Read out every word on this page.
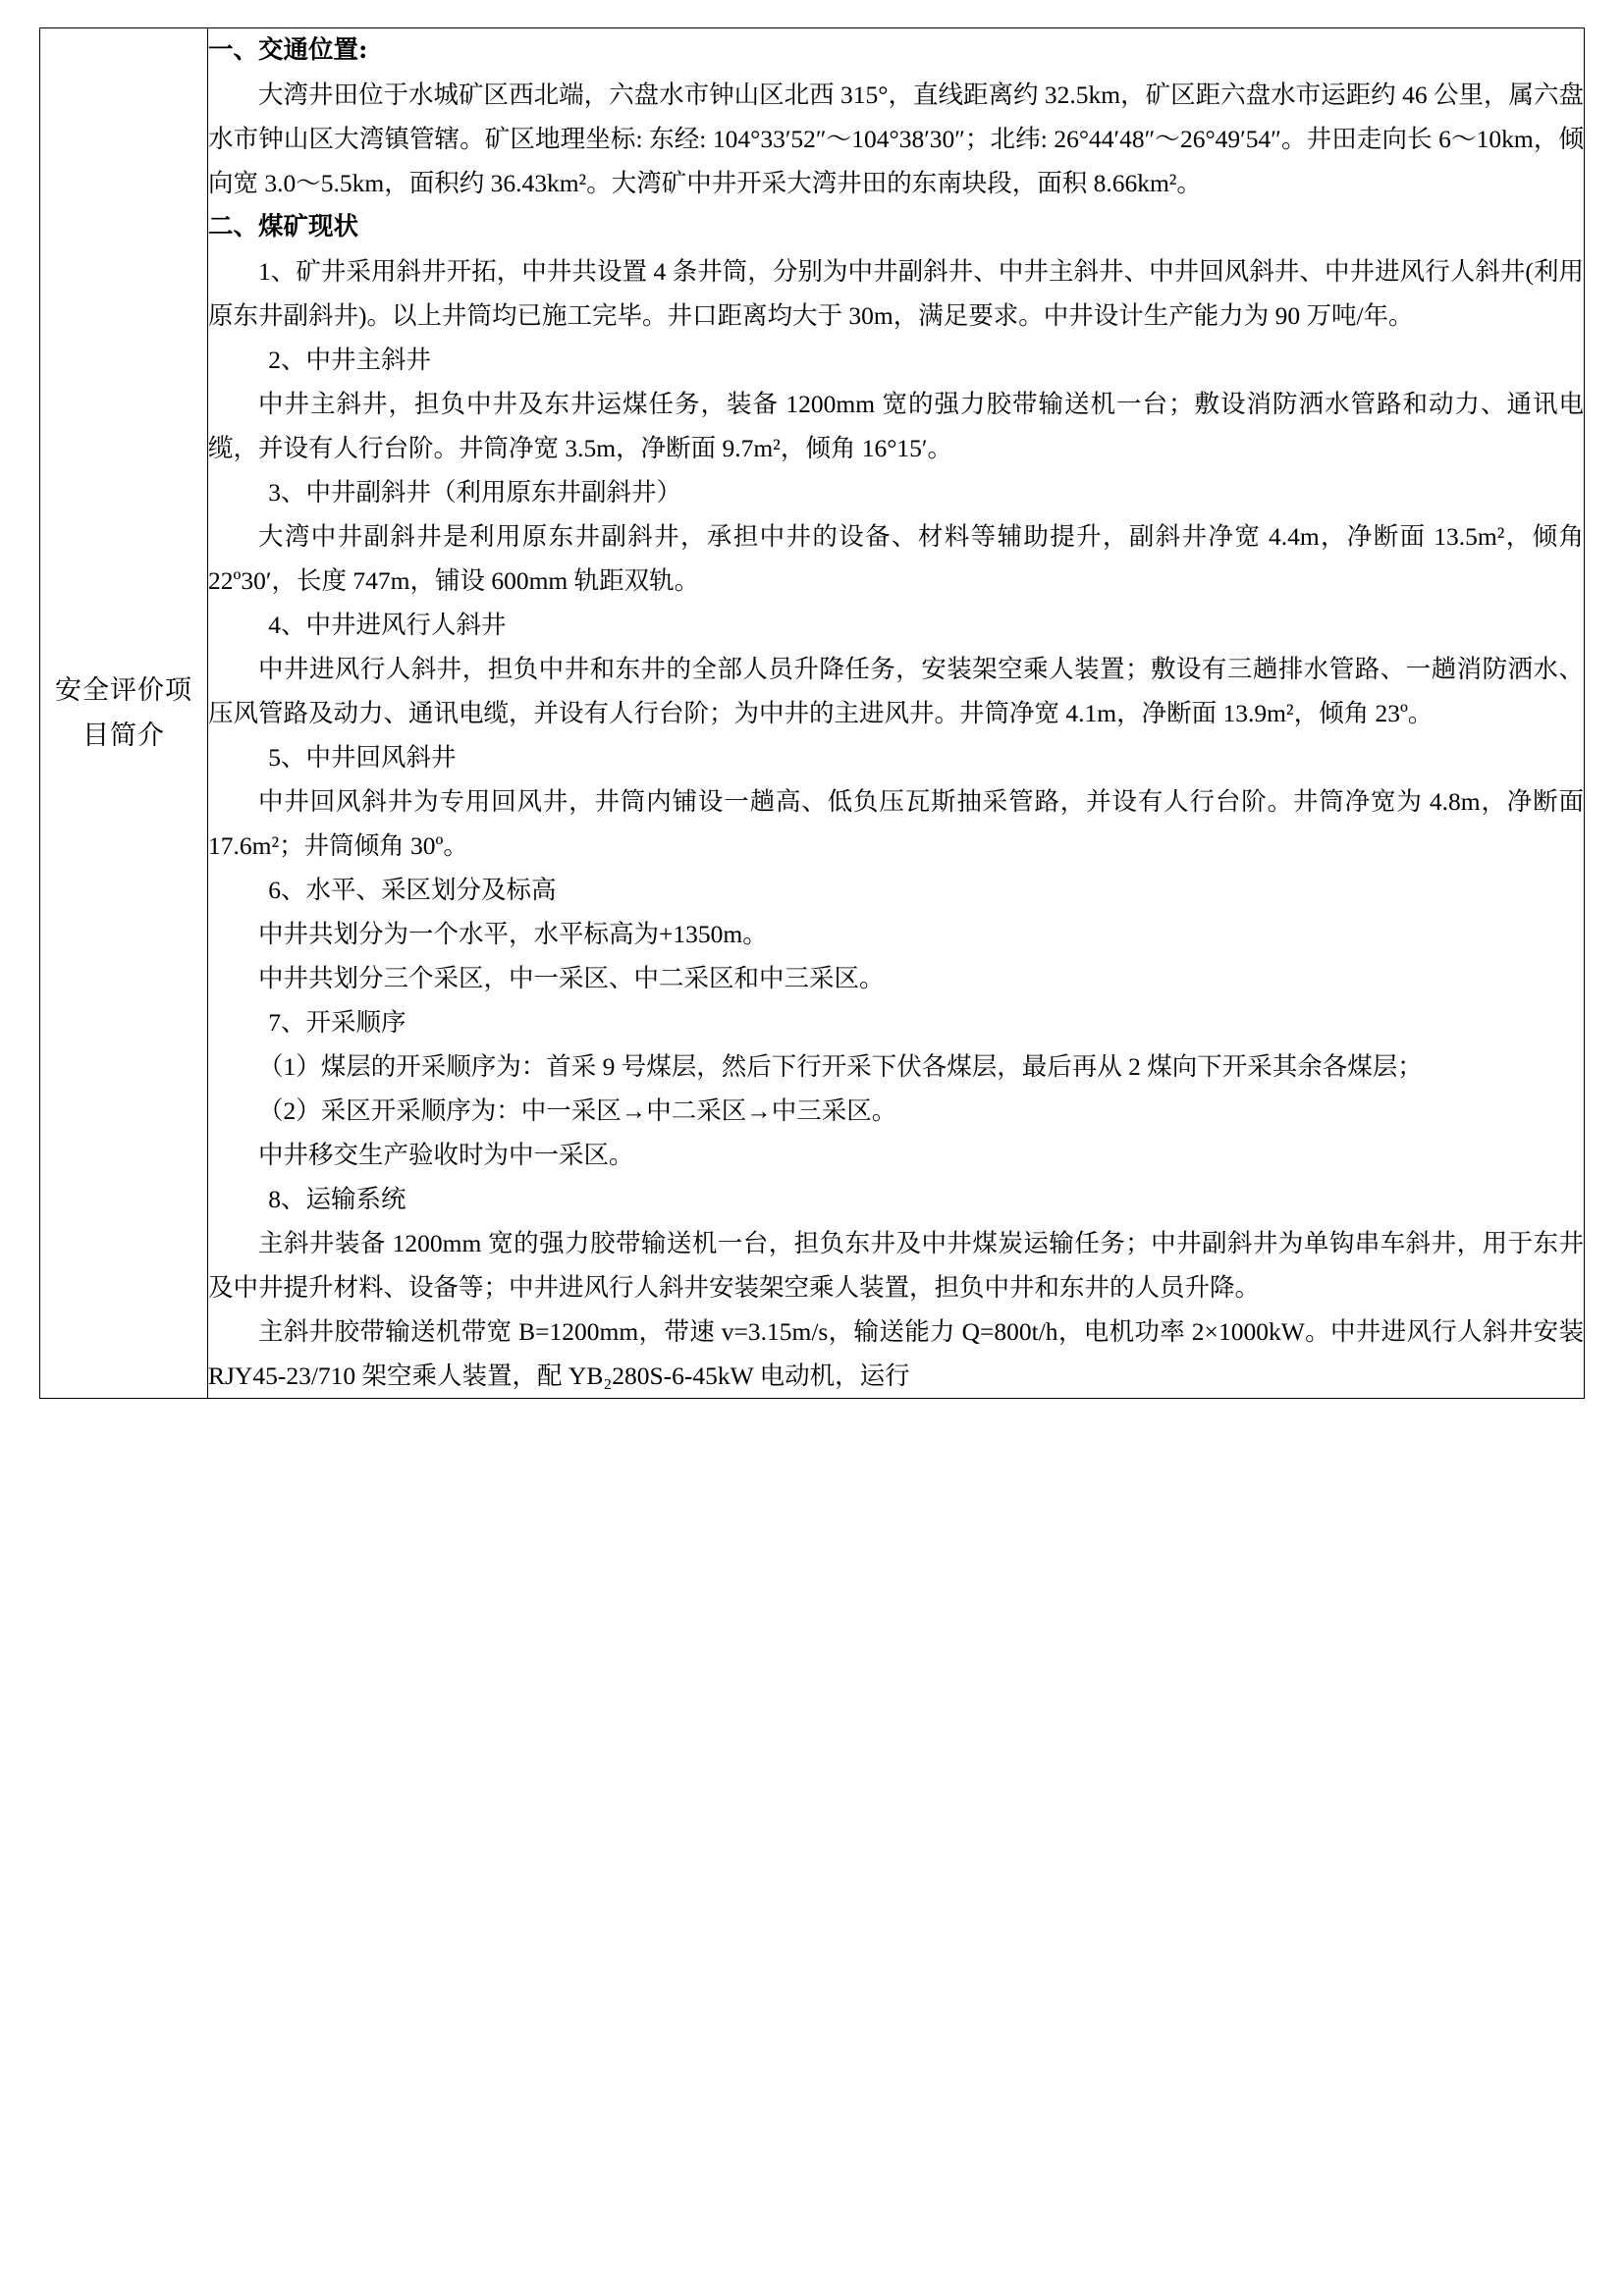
安全评价项
目简介

一、交通位置:

大湾井田位于水城矿区西北端，六盘水市钟山区北西 315°，直线距离约 32.5km，矿区距六盘水市运距约 46 公里，属六盘水市钟山区大湾镇管辖。矿区地理坐标: 东经: 104°33′52″～104°38′30″；北纬: 26°44′48″～26°49′54″。井田走向长 6～10km，倾向宽 3.0～5.5km，面积约 36.43km²。大湾矿中井开采大湾井田的东南块段，面积 8.66km²。

二、煤矿现状

1、矿井采用斜井开拓，中井共设置 4 条井筒，分别为中井副斜井、中井主斜井、中井回风斜井、中井进风行人斜井(利用原东井副斜井)。以上井筒均已施工完毕。井口距离均大于 30m，满足要求。中井设计生产能力为 90 万吨/年。

2、中井主斜井

中井主斜井，担负中井及东井运煤任务，装备 1200mm 宽的强力胶带输送机一台；敷设消防洒水管路和动力、通讯电缆，并设有人行台阶。井筒净宽 3.5m，净断面 9.7m²，倾角 16°15′。

3、中井副斜井（利用原东井副斜井）

大湾中井副斜井是利用原东井副斜井，承担中井的设备、材料等辅助提升，副斜井净宽 4.4m，净断面 13.5m²，倾角 22º30′，长度 747m，铺设 600mm 轨距双轨。

4、中井进风行人斜井

中井进风行人斜井，担负中井和东井的全部人员升降任务，安装架空乘人装置；敷设有三趟排水管路、一趟消防洒水、压风管路及动力、通讯电缆，并设有人行台阶；为中井的主进风井。井筒净宽 4.1m，净断面 13.9m²，倾角 23º。

5、中井回风斜井

中井回风斜井为专用回风井，井筒内铺设一趟高、低负压瓦斯抽采管路，并设有人行台阶。井筒净宽为 4.8m，净断面 17.6m²；井筒倾角 30º。

6、水平、采区划分及标高

中井共划分为一个水平，水平标高为+1350m。

中井共划分三个采区，中一采区、中二采区和中三采区。

7、开采顺序

（1）煤层的开采顺序为：首采 9 号煤层，然后下行开采下伏各煤层，最后再从 2 煤向下开采其余各煤层；

（2）采区开采顺序为：中一采区→中二采区→中三采区。

中井移交生产验收时为中一采区。

8、运输系统

主斜井装备 1200mm 宽的强力胶带输送机一台，担负东井及中井煤炭运输任务；中井副斜井为单钩串车斜井，用于东井及中井提升材料、设备等；中井进风行人斜井安装架空乘人装置，担负中井和东井的人员升降。

主斜井胶带输送机带宽 B=1200mm，带速 v=3.15m/s，输送能力 Q=800t/h，电机功率 2×1000kW。中井进风行人斜井安装 RJY45-23/710 架空乘人装置，配 YB₂280S-6-45kW 电动机，运行
